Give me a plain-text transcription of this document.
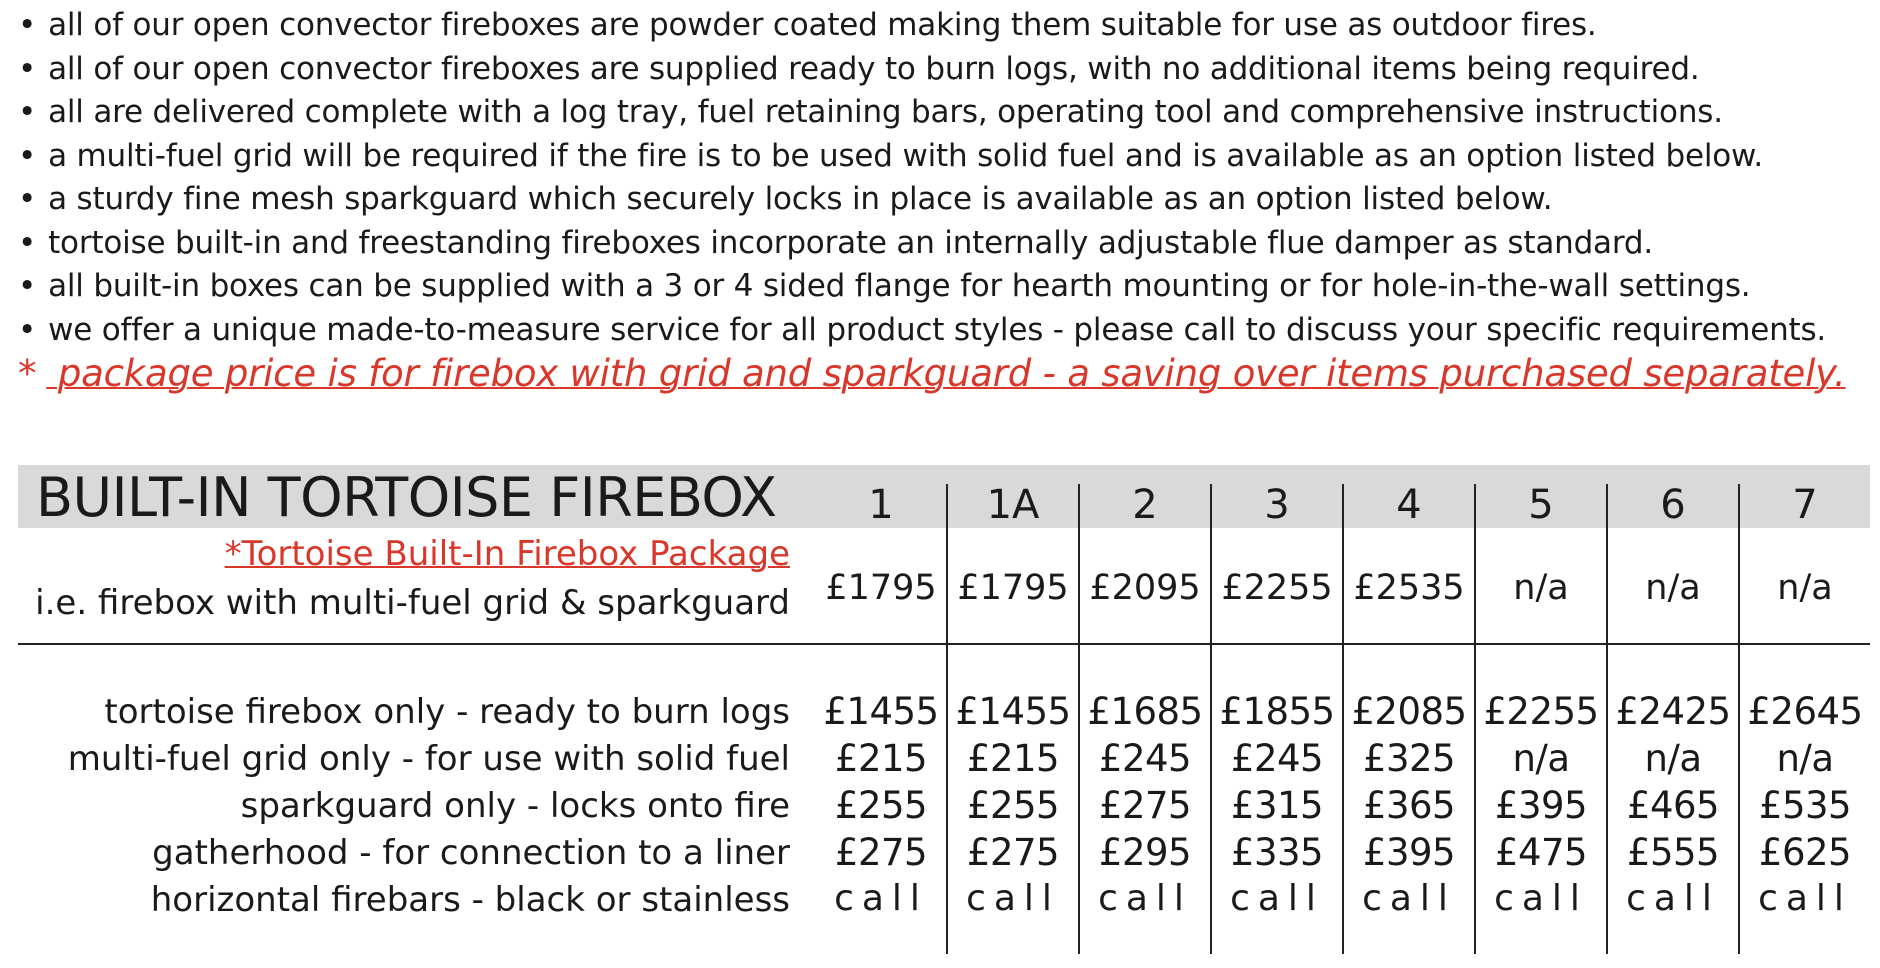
• all of our open convector fireboxes are powder coated making them suitable for use as outdoor fires.
• all of our open convector fireboxes are supplied ready to burn logs, with no additional items being required.
• all are delivered complete with a log tray, fuel retaining bars, operating tool and comprehensive instructions.
• a multi-fuel grid will be required if the fire is to be used with solid fuel and is available as an option listed below.
• a sturdy fine mesh sparkguard which securely locks in place is available as an option listed below.
• tortoise built-in and freestanding fireboxes incorporate an internally adjustable flue damper as standard.
• all built-in boxes can be supplied with a 3 or 4 sided flange for hearth mounting or for hole-in-the-wall settings.
• we offer a unique made-to-measure service for all product styles - please call to discuss your specific requirements.
* package price is for firebox with grid and sparkguard - a saving over items purchased separately.
BUILT-IN TORTOISE FIREBOX	1	1A	2	3	4	5	6	7
*Tortoise Built-In Firebox Package
i.e. firebox with multi-fuel grid & sparkguard £1795 £1795 £2095 £2255 £2535	n/a	n/a	n/a
tortoise firebox only - ready to burn logs £1455 £1455 £1685 £1855 £2085 £2255 £2425 £2645
multi-fuel grid only - for use with solid fuel	£215	£215	£245	£245	£325	n/a	n/a	n/a
sparkguard only - locks onto fire	£255	£255	£275	£315	£365	£395	£465	£535
gatherhood - for connection to a liner	£275	£275	£295	£335	£395	£475	£555	£625
horizontal firebars - black or stainless	call	call	call	call	call	call	call	call
